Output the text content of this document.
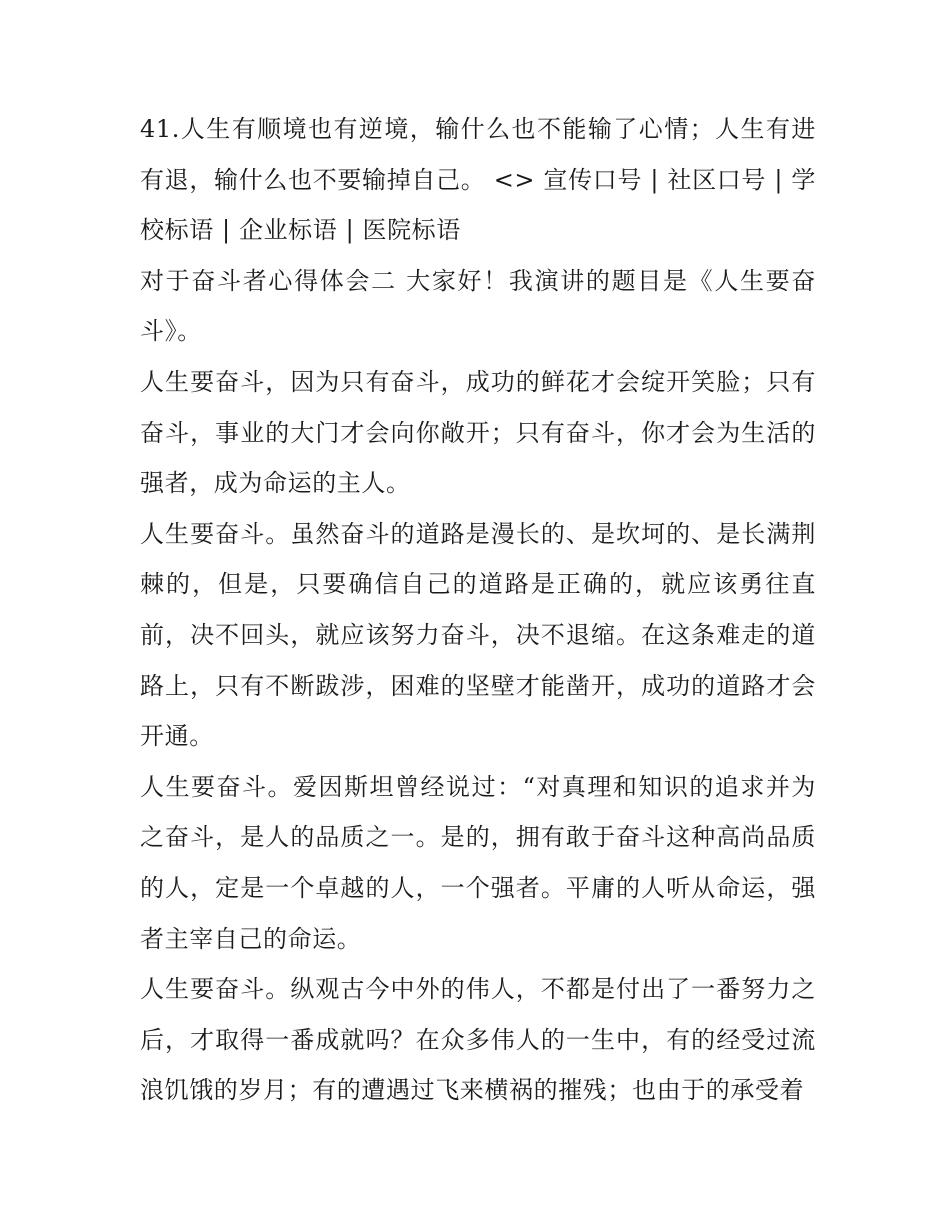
41.人生有顺境也有逆境，输什么也不能输了心情；人生有进有退，输什么也不要输掉自己。 <> 宣传口号 | 社区口号 | 学校标语 | 企业标语 | 医院标语

对于奋斗者心得体会二 大家好！我演讲的题目是《人生要奋斗》。

人生要奋斗，因为只有奋斗，成功的鲜花才会绽开笑脸；只有奋斗，事业的大门才会向你敞开；只有奋斗，你才会为生活的强者，成为命运的主人。

人生要奋斗。虽然奋斗的道路是漫长的、是坎坷的、是长满荆棘的，但是，只要确信自己的道路是正确的，就应该勇往直前，决不回头，就应该努力奋斗，决不退缩。在这条难走的道路上，只有不断跋涉，困难的坚壁才能凿开，成功的道路才会开通。

人生要奋斗。爱因斯坦曾经说过：“对真理和知识的追求并为之奋斗，是人的品质之一。是的，拥有敢于奋斗这种高尚品质的人，定是一个卓越的人，一个强者。平庸的人听从命运，强者主宰自己的命运。

人生要奋斗。纵观古今中外的伟人，不都是付出了一番努力之后，才取得一番成就吗？在众多伟人的一生中，有的经受过流浪饥饿的岁月；有的遭遇过飞来横祸的摧残；也由于的承受着
